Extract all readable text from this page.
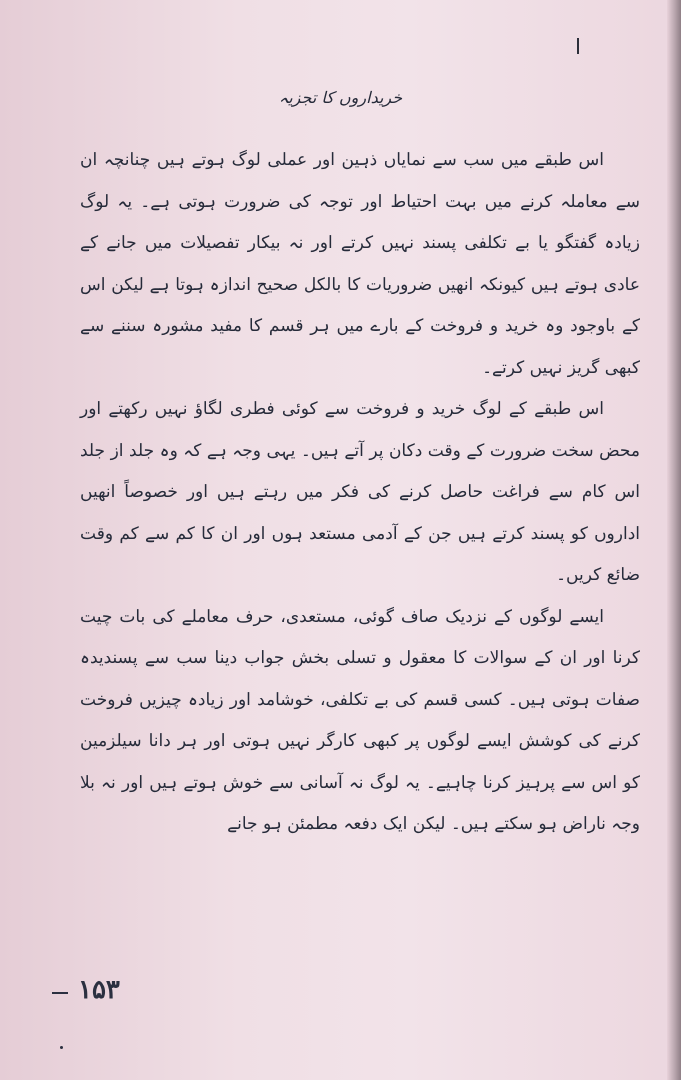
خریداروں کا تجزیہ

اس طبقے میں سب سے نمایاں ذہین اور عملی لوگ ہوتے ہیں چنانچہ ان سے معاملہ کرنے میں بہت احتیاط اور توجہ کی ضرورت ہوتی ہے۔ یہ لوگ زیادہ گفتگو یا بے تکلفی پسند نہیں کرتے اور نہ بیکار تفصیلات میں جانے کے عادی ہوتے ہیں کیونکہ انھیں ضروریات کا بالکل صحیح اندازہ ہوتا ہے لیکن اس کے باوجود وہ خرید و فروخت کے بارے میں ہر قسم کا مفید مشورہ سننے سے کبھی گریز نہیں کرتے۔

اس طبقے کے لوگ خرید و فروخت سے کوئی فطری لگاؤ نہیں رکھتے اور محض سخت ضرورت کے وقت دکان پر آتے ہیں۔ یہی وجہ ہے کہ وہ جلد از جلد اس کام سے فراغت حاصل کرنے کی فکر میں رہتے ہیں اور خصوصاً انھیں اداروں کو پسند کرتے ہیں جن کے آدمی مستعد ہوں اور ان کا کم سے کم وقت ضائع کریں۔

ایسے لوگوں کے نزدیک صاف گوئی، مستعدی، حرف معاملے کی بات چیت کرنا اور ان کے سوالات کا معقول و تسلی بخش جواب دینا سب سے پسندیدہ صفات ہوتی ہیں۔ کسی قسم کی بے تکلفی، خوشامد اور زیادہ چیزیں فروخت کرنے کی کوشش ایسے لوگوں پر کبھی کارگر نہیں ہوتی اور ہر دانا سیلزمین کو اس سے پرہیز کرنا چاہیے۔ یہ لوگ نہ آسانی سے خوش ہوتے ہیں اور نہ بلا وجہ ناراض ہو سکتے ہیں۔ لیکن ایک دفعہ مطمئن ہو جانے

۱۵۳
